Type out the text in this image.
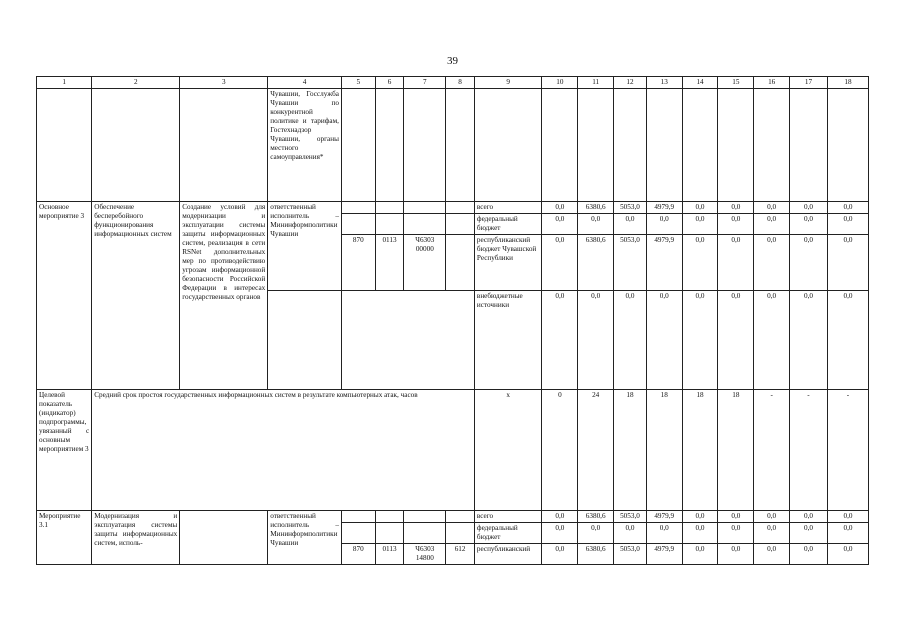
39
1	2	3	4	5	6	7	8	9	10	11	12	13	14	15	16	17	18
			Чувашии, Госслужба Чувашии по конкурентной политике и тарифам, Гостехнадзор Чувашии, органы местного самоуправления*														
Основное мероприятие 3	Обеспечение бесперебойного функционирования информационных систем	Создание условий для модернизации и эксплуатации системы защиты информационных систем, реализация в сети RSNet дополнительных мер по противодействию угрозам информационной безопасности Российской Федерации в интересах государственных органов	ответственный исполнитель – Мининформполитики Чувашии					всего	0,0	6380,6	5053,0	4979,9	0,0	0,0	0,0	0,0	0,0
								федеральный бюджет	0,0	0,0	0,0	0,0	0,0	0,0	0,0	0,0	0,0
				870	0113	Ч6303 00000		республиканский бюджет Чувашской Республики	0,0	6380,6	5053,0	4979,9	0,0	0,0	0,0	0,0	0,0
								внебюджетные источники	0,0	0,0	0,0	0,0	0,0	0,0	0,0	0,0	0,0
Целевой показатель (индикатор) подпрограммы, увязанный с основным мероприятием 3	Средний срок простоя государственных информационных систем в результате компьютерных атак, часов							х	0	24	18	18	18	18	-	-	-
Мероприятие 3.1	Модернизация и эксплуатация системы защиты информационных систем, исполь-		ответственный исполнитель – Мининформполитики Чувашии					всего	0,0	6380,6	5053,0	4979,9	0,0	0,0	0,0	0,0	0,0
								федеральный бюджет	0,0	0,0	0,0	0,0	0,0	0,0	0,0	0,0	0,0
				870	0113	Ч6303 14800	612	республиканский	0,0	6380,6	5053,0	4979,9	0,0	0,0	0,0	0,0	0,0
